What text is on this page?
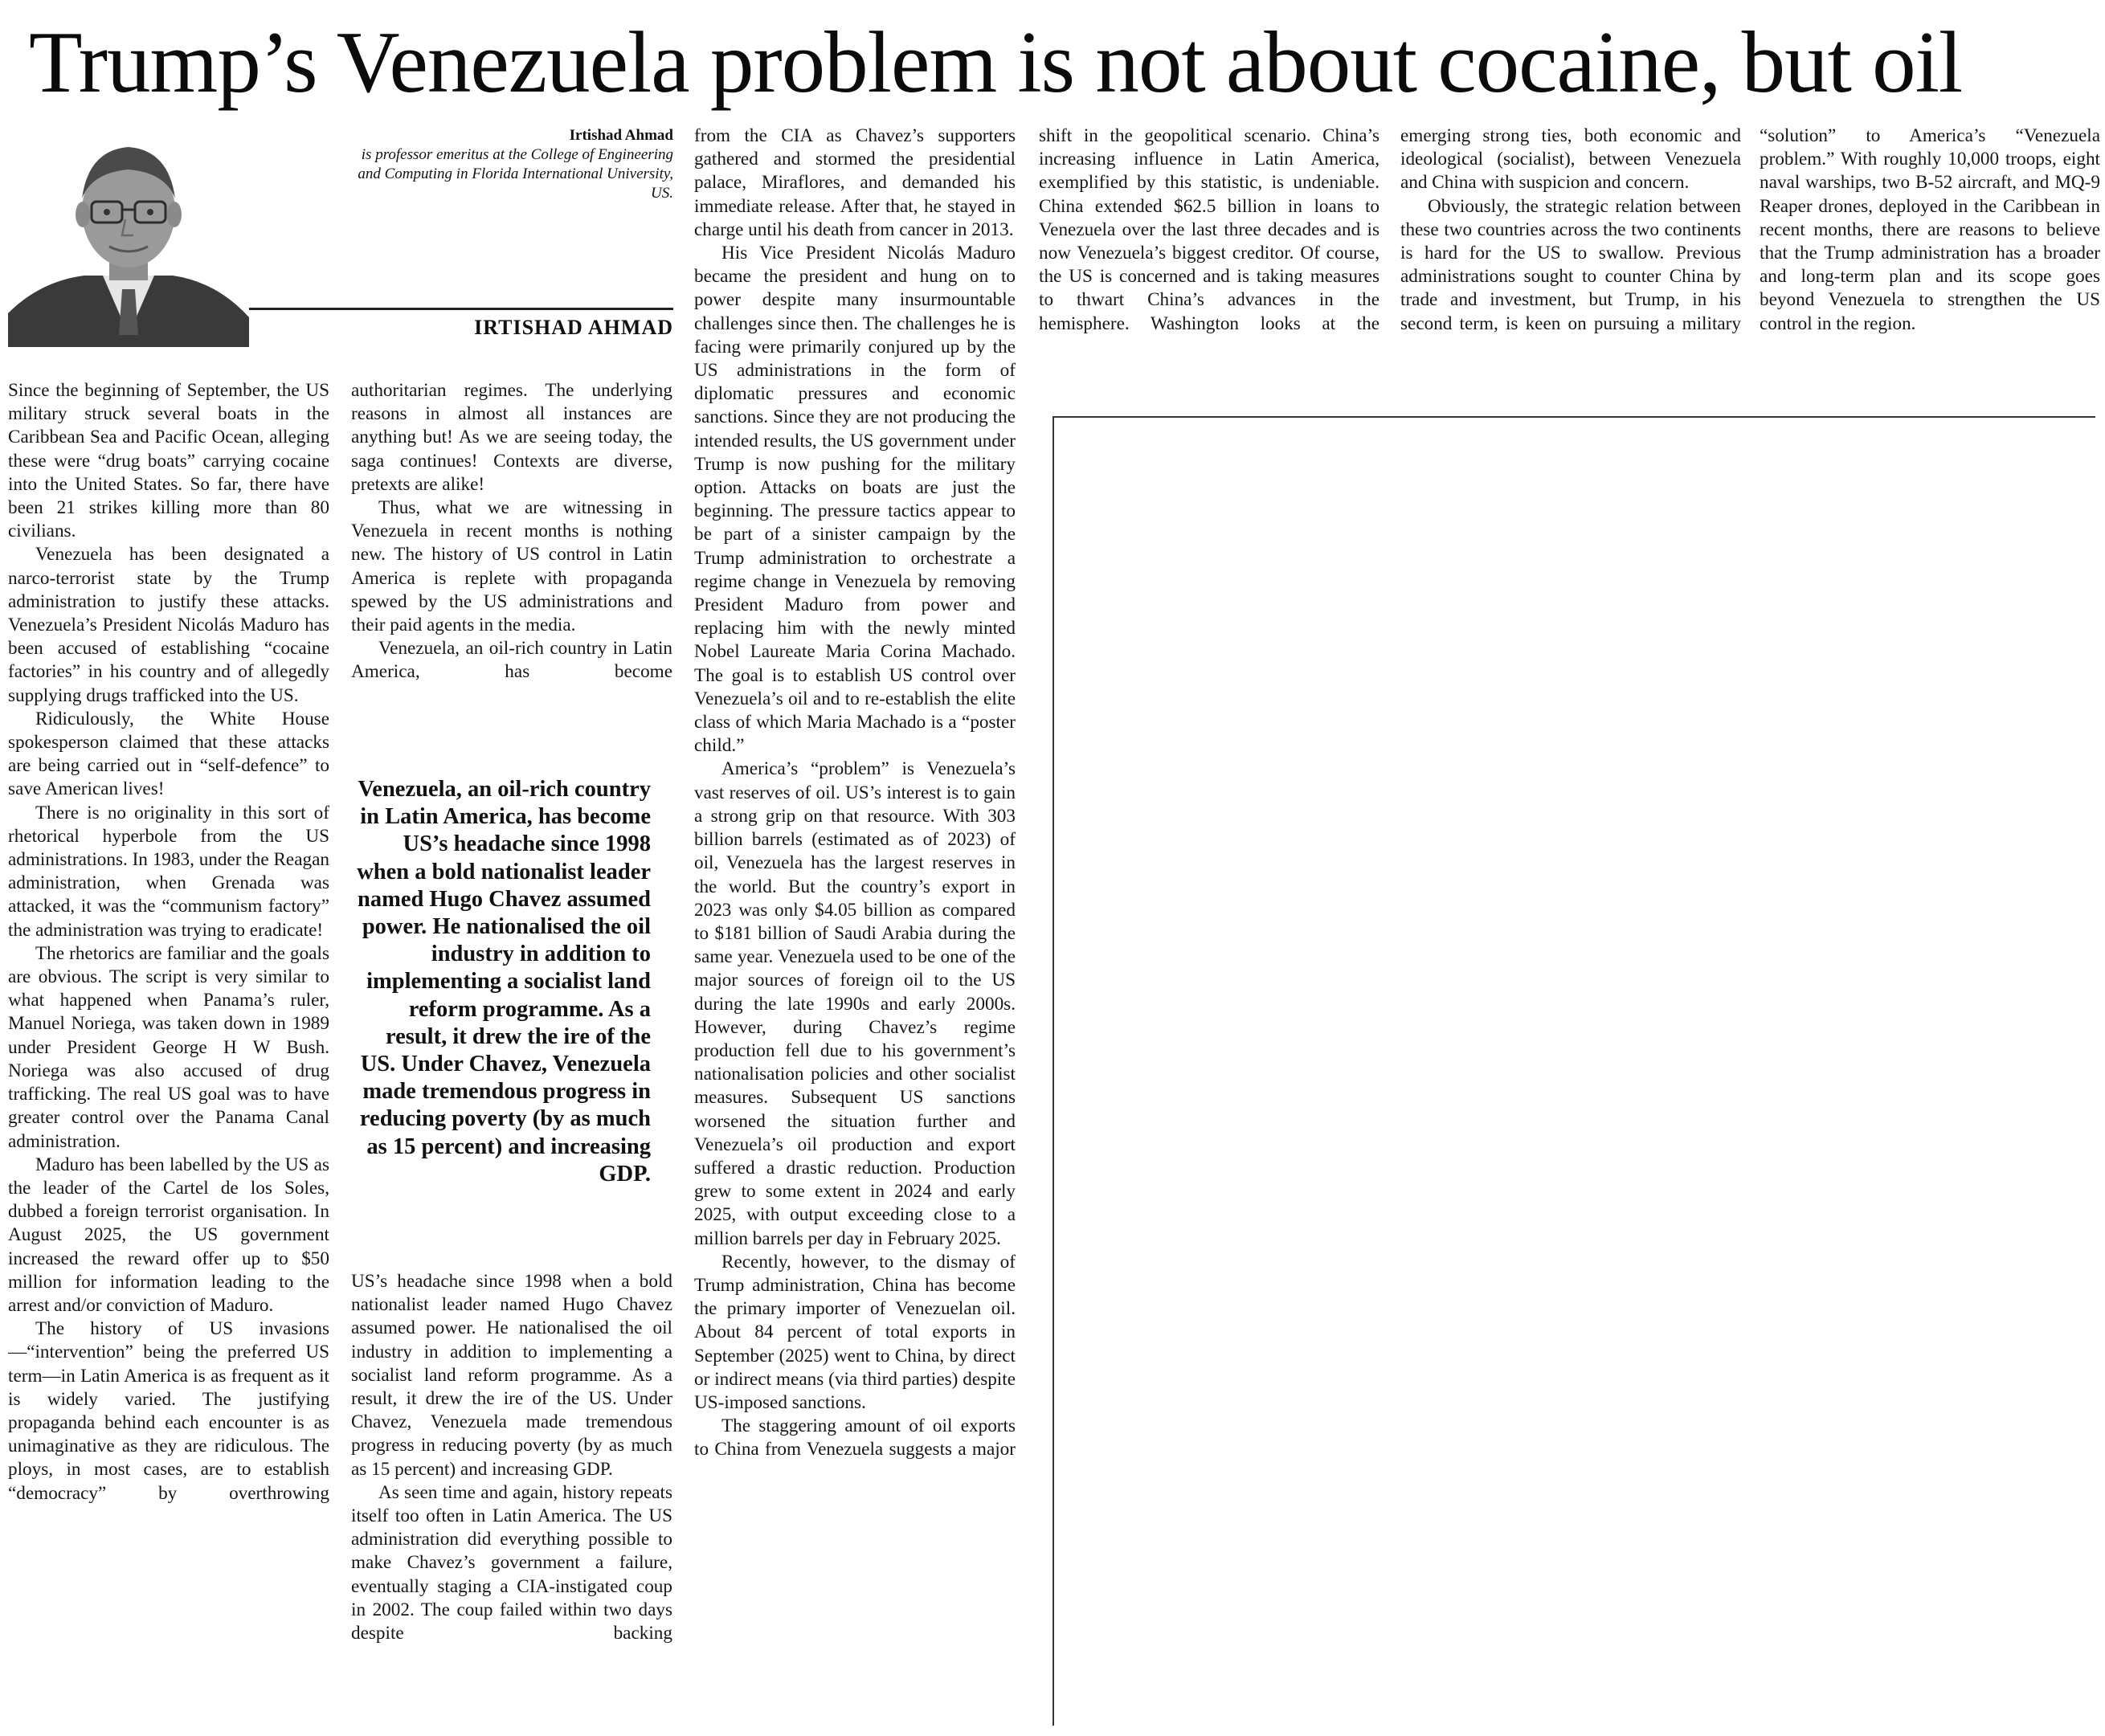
Trump’s Venezuela problem is not about cocaine, but oil
Irtishad Ahmad
is professor emeritus at the College of Engineering and Computing in Florida International University, US.
IRTISHAD AHMAD

Since the beginning of September, the US military struck several boats in the Caribbean Sea and Pacific Ocean, alleging these were “drug boats” carrying cocaine into the United States. So far, there have been 21 strikes killing more than 80 civilians.

Venezuela has been designated a narco-terrorist state by the Trump administration to justify these attacks. Venezuela’s President Nicolás Maduro has been accused of establishing “cocaine factories” in his country and of allegedly supplying drugs trafficked into the US.

Ridiculously, the White House spokesperson claimed that these attacks are being carried out in “self-defence” to save American lives!

There is no originality in this sort of rhetorical hyperbole from the US administrations. In 1983, under the Reagan administration, when Grenada was attacked, it was the “communism factory” the administration was trying to eradicate!

The rhetorics are familiar and the goals are obvious. The script is very similar to what happened when Panama’s ruler, Manuel Noriega, was taken down in 1989 under President George H W Bush. Noriega was also accused of drug trafficking. The real US goal was to have greater control over the Panama Canal administration.

Maduro has been labelled by the US as the leader of the Cartel de los Soles, dubbed a foreign terrorist organisation. In August 2025, the US government increased the reward offer up to $50 million for information leading to the arrest and/or conviction of Maduro.

The history of US invasions—“intervention” being the preferred US term—in Latin America is as frequent as it is widely varied. The justifying propaganda behind each encounter is as unimaginative as they are ridiculous. The ploys, in most cases, are to establish “democracy” by overthrowing

authoritarian regimes. The underlying reasons in almost all instances are anything but! As we are seeing today, the saga continues! Contexts are diverse, pretexts are alike!

Thus, what we are witnessing in Venezuela in recent months is nothing new. The history of US control in Latin America is replete with propaganda spewed by the US administrations and their paid agents in the media.

Venezuela, an oil-rich country in Latin America, has become

Venezuela, an oil-rich country in Latin America, has become US’s headache since 1998 when a bold nationalist leader named Hugo Chavez assumed power. He nationalised the oil industry in addition to implementing a socialist land reform programme. As a result, it drew the ire of the US. Under Chavez, Venezuela made tremendous progress in reducing poverty (by as much as 15 percent) and increasing GDP.

US’s headache since 1998 when a bold nationalist leader named Hugo Chavez assumed power. He nationalised the oil industry in addition to implementing a socialist land reform programme. As a result, it drew the ire of the US. Under Chavez, Venezuela made tremendous progress in reducing poverty (by as much as 15 percent) and increasing GDP.

As seen time and again, history repeats itself too often in Latin America. The US administration did everything possible to make Chavez’s government a failure, eventually staging a CIA-instigated coup in 2002. The coup failed within two days despite backing

from the CIA as Chavez’s supporters gathered and stormed the presidential palace, Miraflores, and demanded his immediate release. After that, he stayed in charge until his death from cancer in 2013.

His Vice President Nicolás Maduro became the president and hung on to power despite many insurmountable challenges since then. The challenges he is facing were primarily conjured up by the US administrations in the form of diplomatic pressures and economic sanctions. Since they are not producing the intended results, the US government under Trump is now pushing for the military option. Attacks on boats are just the beginning. The pressure tactics appear to be part of a sinister campaign by the Trump administration to orchestrate a regime change in Venezuela by removing President Maduro from power and replacing him with the newly minted Nobel Laureate Maria Corina Machado. The goal is to establish US control over Venezuela’s oil and to re-establish the elite class of which Maria Machado is a “poster child.”

America’s “problem” is Venezuela’s vast reserves of oil. US’s interest is to gain a strong grip on that resource. With 303 billion barrels (estimated as of 2023) of oil, Venezuela has the largest reserves in the world. But the country’s export in 2023 was only $4.05 billion as compared to $181 billion of Saudi Arabia during the same year. Venezuela used to be one of the major sources of foreign oil to the US during the late 1990s and early 2000s. However, during Chavez’s regime production fell due to his government’s nationalisation policies and other socialist measures. Subsequent US sanctions worsened the situation further and Venezuela’s oil production and export suffered a drastic reduction. Production grew to some extent in 2024 and early 2025, with output exceeding close to a million barrels per day in February 2025.

Recently, however, to the dismay of Trump administration, China has become the primary importer of Venezuelan oil. About 84 percent of total exports in September (2025) went to China, by direct or indirect means (via third parties) despite US-imposed sanctions.

The staggering amount of oil exports to China from Venezuela suggests a major

shift in the geopolitical scenario. China’s increasing influence in Latin America, exemplified by this statistic, is undeniable. China extended $62.5 billion in loans to Venezuela over the last three decades and is now Venezuela’s biggest creditor. Of course, the US is concerned and is taking measures to thwart China’s advances in the hemisphere. Washington looks at the

emerging strong ties, both economic and ideological (socialist), between Venezuela and China with suspicion and concern.

Obviously, the strategic relation between these two countries across the two continents is hard for the US to swallow. Previous administrations sought to counter China by trade and investment, but Trump, in his second term, is keen on pursuing a military

“solution” to America’s “Venezuela problem.” With roughly 10,000 troops, eight naval warships, two B-52 aircraft, and MQ-9 Reaper drones, deployed in the Caribbean in recent months, there are reasons to believe that the Trump administration has a broader and long-term plan and its scope goes beyond Venezuela to strengthen the US control in the region.
